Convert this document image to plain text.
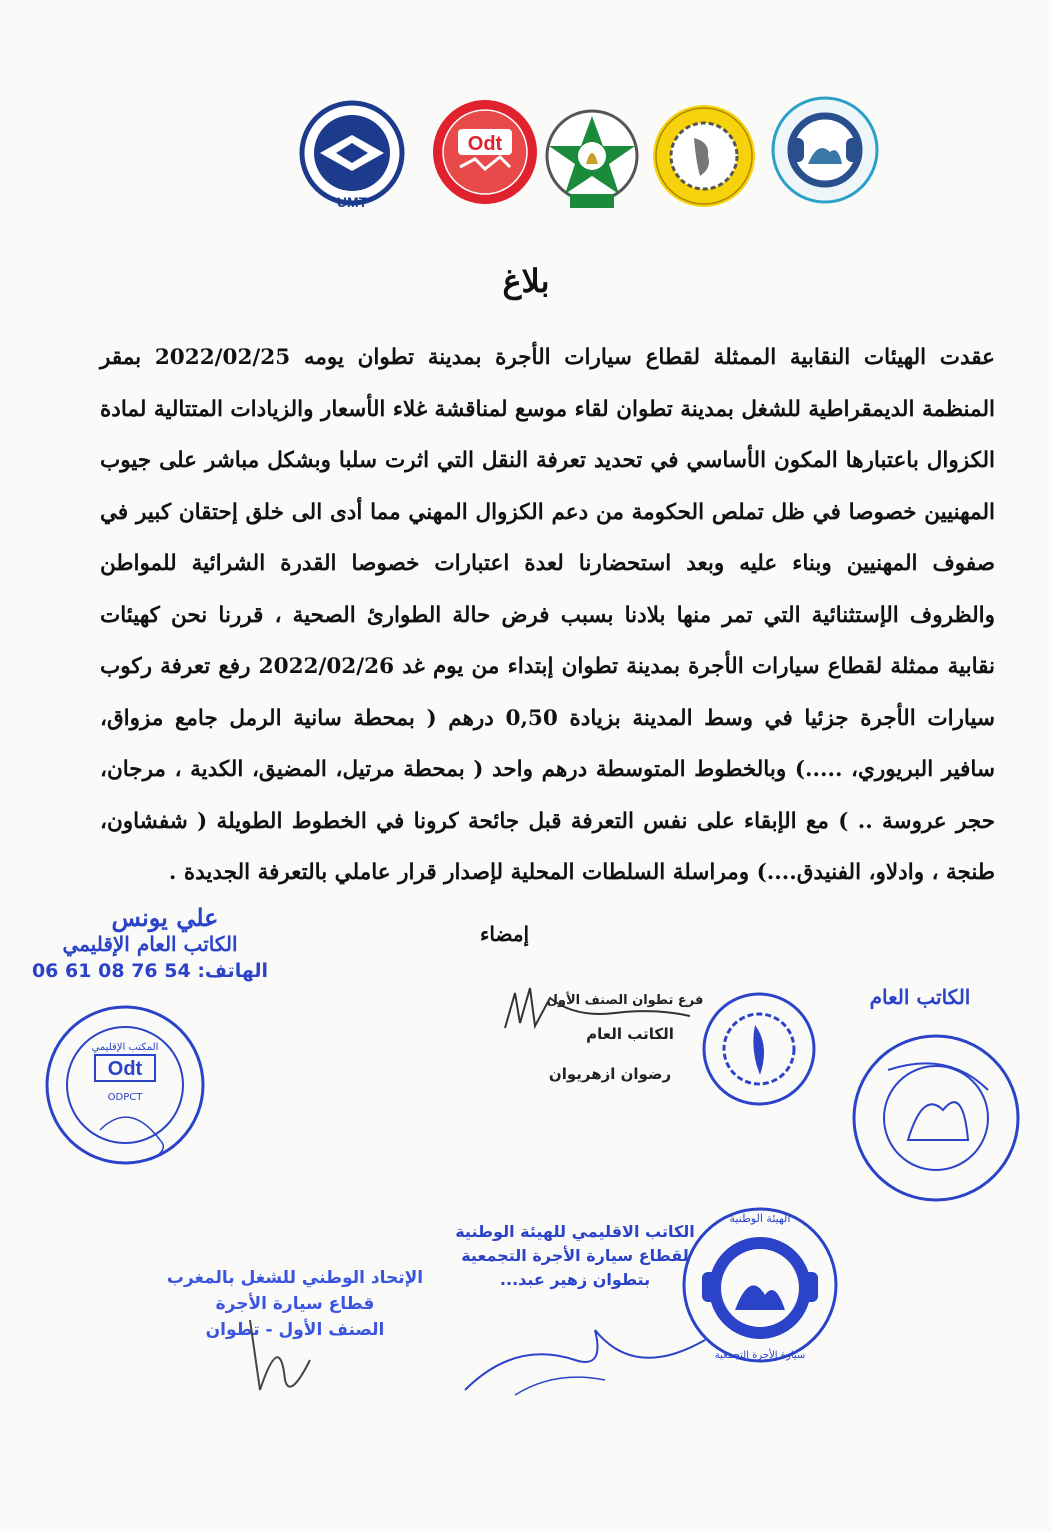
UMT
Odt
بلاغ
عقدت الهيئات النقابية الممثلة لقطاع سيارات الأجرة بمدينة تطوان يومه 2022/02/25 بمقر المنظمة الديمقراطية للشغل بمدينة تطوان لقاء موسع لمناقشة غلاء الأسعار والزيادات المتتالية لمادة الكزوال باعتبارها المكون الأساسي في تحديد تعرفة النقل التي اثرت سلبا وبشكل مباشر على جيوب المهنيين خصوصا في ظل تملص الحكومة من دعم الكزوال المهني مما أدى الى خلق إحتقان كبير في صفوف المهنيين وبناء عليه وبعد استحضارنا لعدة اعتبارات خصوصا القدرة الشرائية للمواطن والظروف الإستثنائية التي تمر منها بلادنا بسبب فرض حالة الطوارئ الصحية ، قررنا نحن كهيئات نقابية ممثلة لقطاع سيارات الأجرة بمدينة تطوان إبتداء من يوم غد 2022/02/26 رفع تعرفة ركوب سيارات الأجرة جزئيا في وسط المدينة بزيادة 0,50 درهم ( بمحطة سانية الرمل جامع مزواق، سافير البريوري، .....) وبالخطوط المتوسطة درهم واحد ( بمحطة مرتيل، المضيق، الكدية ، مرجان، حجر عروسة .. ) مع الإبقاء على نفس التعرفة قبل جائحة كرونا في الخطوط الطويلة ( شفشاون، طنجة ، وادلاو، الفنيدق....) ومراسلة السلطات المحلية لإصدار قرار عاملي بالتعرفة الجديدة .
إمضاء
علي يونس
الكاتب العام الإقليمي
الهاتف: 54 76 08 61 06
المكتب الإقليمي
Odt
ODPCT
فرع تطوان الصنف الأول
الكاتب العام
رضوان ازهريوان
الكاتب العام
الإتحاد الوطني للشغل بالمغرب
قطاع سيارة الأجرة
الصنف الأول - تطوان
الكاتب الاقليمي للهيئة الوطنية
لقطاع سيارة الأجرة التجمعية
بتطوان زهير عبد...
الهيئة الوطنية
سيارة الأجرة التجمعية
